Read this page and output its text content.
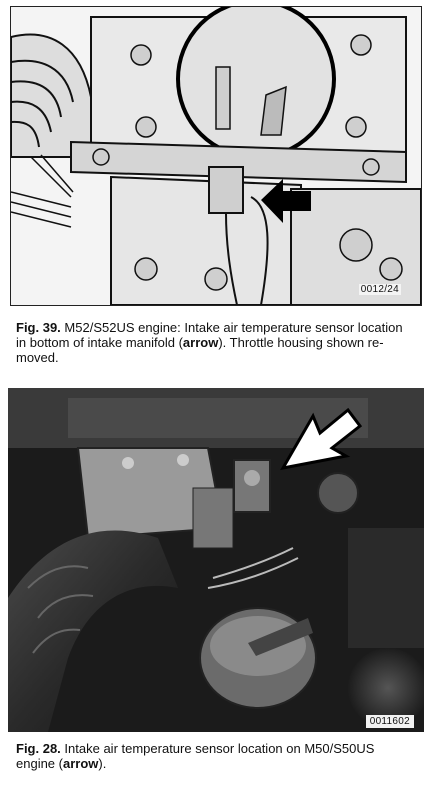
0012/24
Fig. 39. M52/S52US engine: Intake air temperature sensor location in bottom of intake manifold (arrow). Throttle housing shown re-moved.
0011602
Fig. 28. Intake air temperature sensor location on M50/S50US engine (arrow).
